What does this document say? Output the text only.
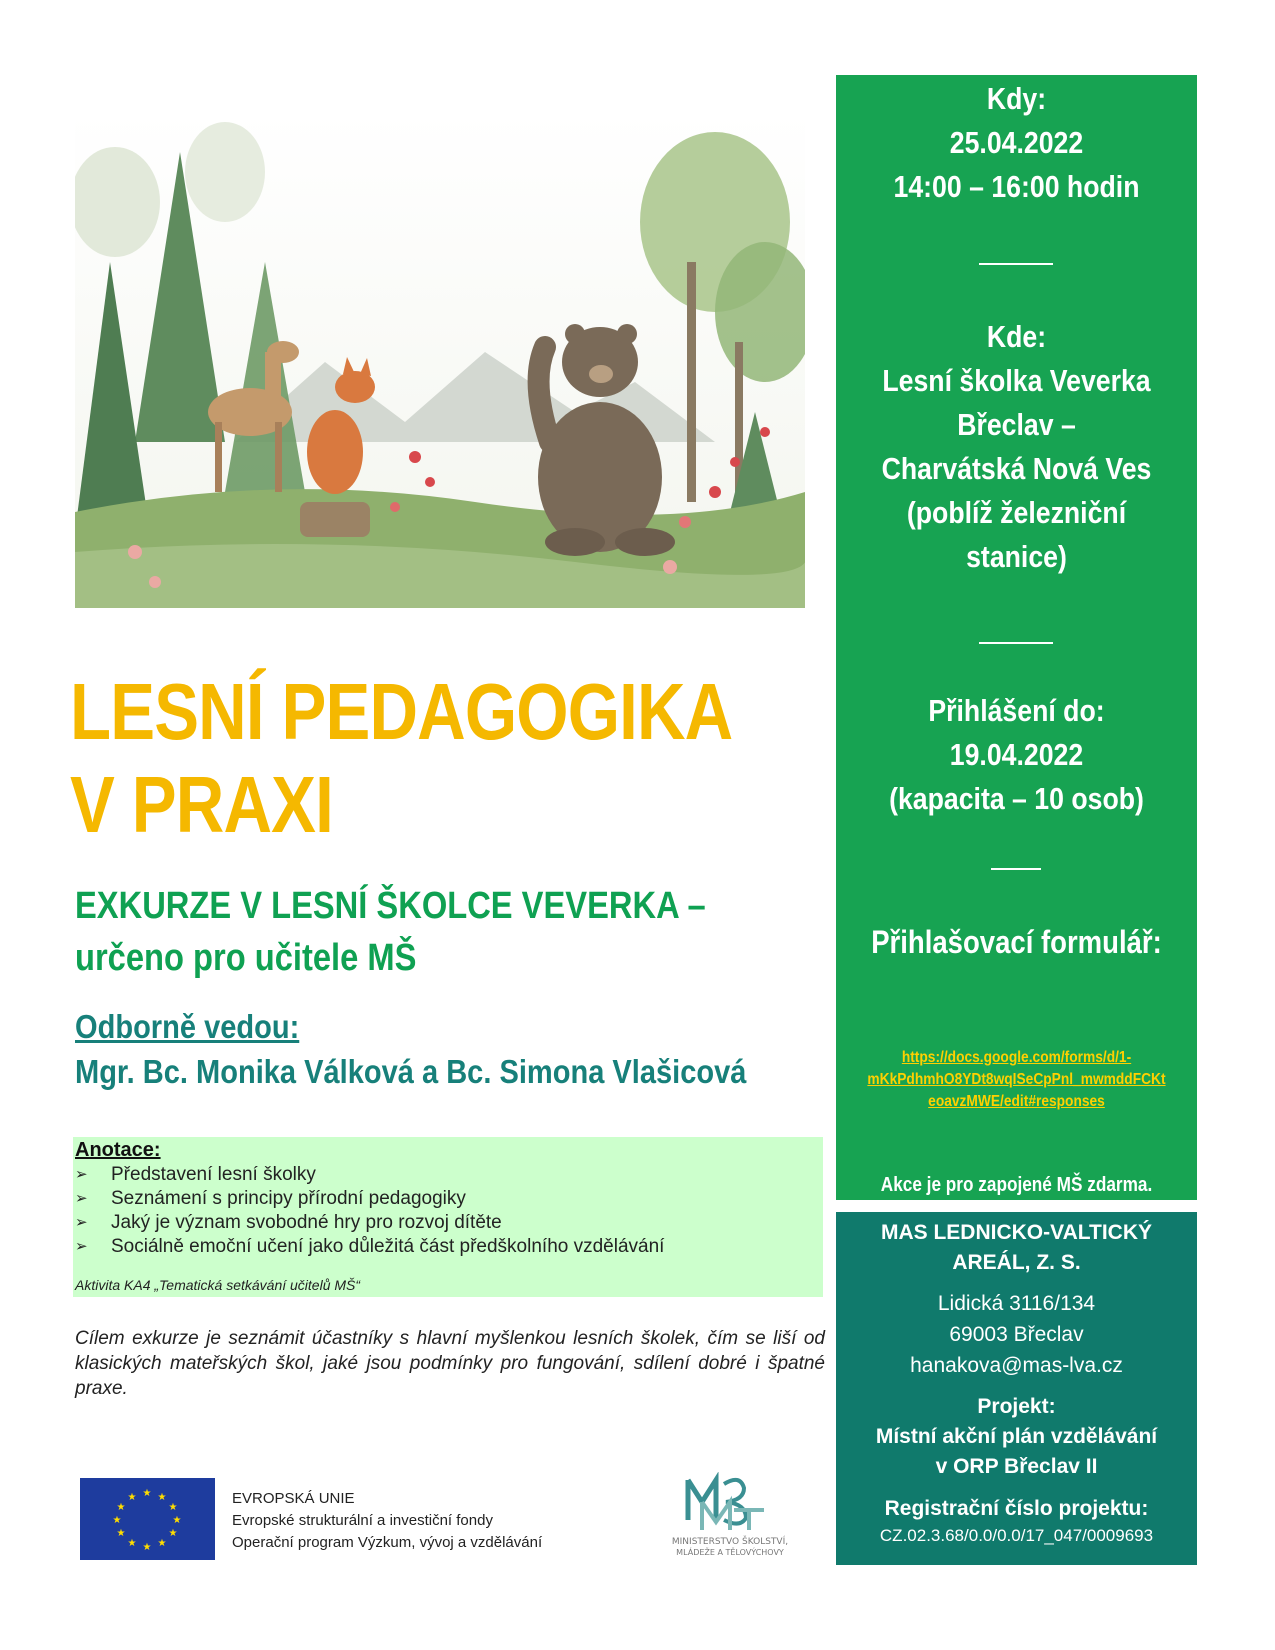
LESNÍ PEDAGOGIKA
V PRAXI
EXKURZE V LESNÍ ŠKOLCE VEVERKA –
určeno pro učitele MŠ
Odborně vedou:
Mgr. Bc. Monika Válková a Bc. Simona Vlašicová
Anotace:
➢ Představení lesní školky
➢ Seznámení s principy přírodní pedagogiky
➢ Jaký je význam svobodné hry pro rozvoj dítěte
➢ Sociálně emoční učení jako důležitá část předškolního vzdělávání
Aktivita KA4 „Tematická setkávání učitelů MŠ“
Cílem exkurze je seznámit účastníky s hlavní myšlenkou lesních školek, čím se liší od klasických mateřských škol, jaké jsou podmínky pro fungování, sdílení dobré i špatné praxe.
Kdy:
25.04.2022
14:00 – 16:00 hodin
Kde:
Lesní školka Veverka
Břeclav –
Charvátská Nová Ves
(poblíž železniční
stanice)
Přihlášení do:
19.04.2022
(kapacita – 10 osob)
Přihlašovací formulář:
https://docs.google.com/forms/d/1-
mKkPdhmhO8YDt8wqISeCpPnl_mwmddFCKt
eoavzMWE/edit#responses
Akce je pro zapojené MŠ zdarma.
MAS LEDNICKO-VALTICKÝ
AREÁL, Z. S.
Lidická 3116/134
69003 Břeclav
hanakova@mas-lva.cz
Projekt:
Místní akční plán vzdělávání
v ORP Břeclav II
Registrační číslo projektu:
CZ.02.3.68/0.0/0.0/17_047/0009693
★ ★
★
★
★
★
★
★
★
★
★
★	EVROPSKÁ UNIE
Evropské strukturální a investiční fondy
Operační program Výzkum, vývoj a vzdělávání	MINISTERSTVO ŠKOLSTVÍ,
MLÁDEŽE A TĚLOVÝCHOVY
